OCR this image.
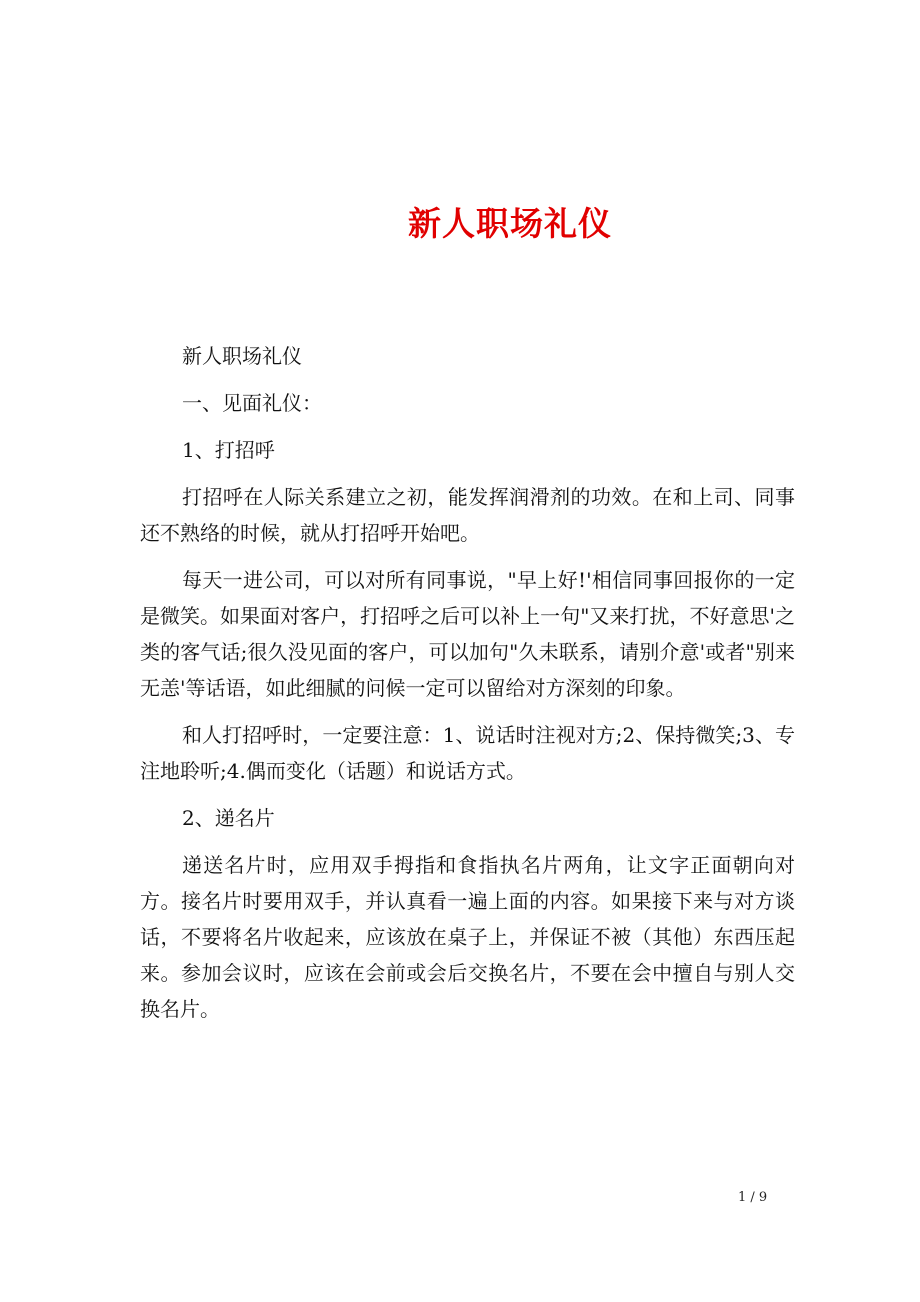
新人职场礼仪

新人职场礼仪

一、见面礼仪：

1、打招呼

打招呼在人际关系建立之初，能发挥润滑剂的功效。在和上司、同事还不熟络的时候，就从打招呼开始吧。

每天一进公司，可以对所有同事说，"早上好!'相信同事回报你的一定是微笑。如果面对客户，打招呼之后可以补上一句"又来打扰，不好意思'之类的客气话;很久没见面的客户，可以加句"久未联系，请别介意'或者"别来无恙'等话语，如此细腻的问候一定可以留给对方深刻的印象。

和人打招呼时，一定要注意：1、说话时注视对方;2、保持微笑;3、专注地聆听;4.偶而变化（话题）和说话方式。

2、递名片

递送名片时，应用双手拇指和食指执名片两角，让文字正面朝向对方。接名片时要用双手，并认真看一遍上面的内容。如果接下来与对方谈话，不要将名片收起来，应该放在桌子上，并保证不被（其他）东西压起来。参加会议时，应该在会前或会后交换名片，不要在会中擅自与别人交换名片。

1 / 9
